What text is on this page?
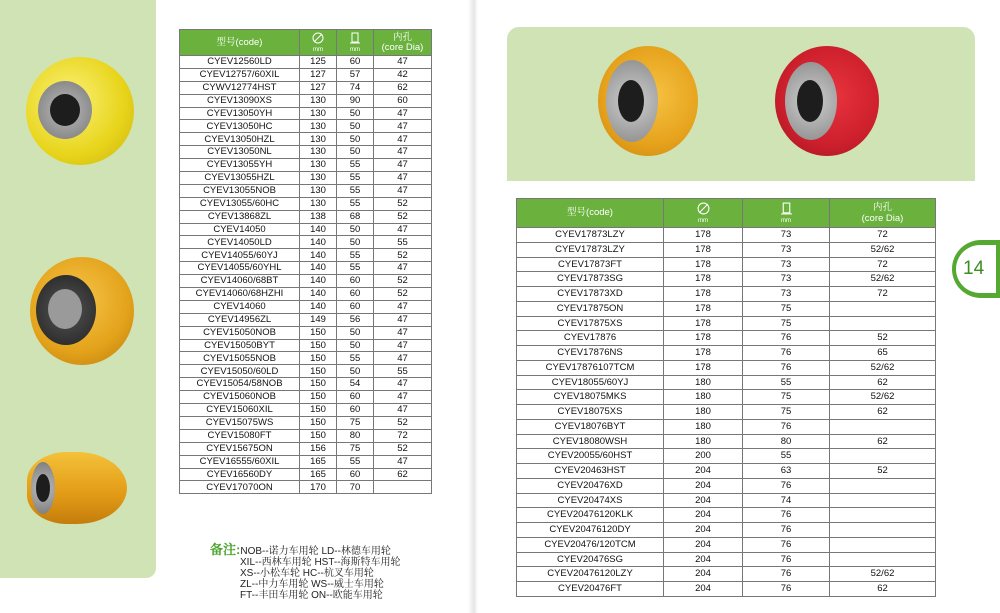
型号(code)	mm	mm	内孔
(core Dia)
CYEV12560LD	125	60	47
CYEV12757/60XIL	127	57	42
CYWV12774HST	127	74	62
CYEV13090XS	130	90	60
CYEV13050YH	130	50	47
CYEV13050HC	130	50	47
CYEV13050HZL	130	50	47
CYEV13050NL	130	50	47
CYEV13055YH	130	55	47
CYEV13055HZL	130	55	47
CYEV13055NOB	130	55	47
CYEV13055/60HC	130	55	52
CYEV13868ZL	138	68	52
CYEV14050	140	50	47
CYEV14050LD	140	50	55
CYEV14055/60YJ	140	55	52
CYEV14055/60YHL	140	55	47
CYEV14060/68BT	140	60	52
CYEV14060/68HZHI	140	60	52
CYEV14060	140	60	47
CYEV14956ZL	149	56	47
CYEV15050NOB	150	50	47
CYEV15050BYT	150	50	47
CYEV15055NOB	150	55	47
CYEV15050/60LD	150	50	55
CYEV15054/58NOB	150	54	47
CYEV15060NOB	150	60	47
CYEV15060XIL	150	60	47
CYEV15075WS	150	75	52
CYEV15080FT	150	80	72
CYEV15675ON	156	75	52
CYEV16555/60XIL	165	55	47
CYEV16560DY	165	60	62
CYEV17070ON	170	70	
型号(code)	mm	mm	内孔
(core Dia)
CYEV17873LZY	178	73	72
CYEV17873LZY	178	73	52/62
CYEV17873FT	178	73	72
CYEV17873SG	178	73	52/62
CYEV17873XD	178	73	72
CYEV17875ON	178	75	
CYEV17875XS	178	75	
CYEV17876	178	76	52
CYEV17876NS	178	76	65
CYEV17876107TCM	178	76	52/62
CYEV18055/60YJ	180	55	62
CYEV18075MKS	180	75	52/62
CYEV18075XS	180	75	62
CYEV18076BYT	180	76	
CYEV18080WSH	180	80	62
CYEV20055/60HST	200	55	
CYEV20463HST	204	63	52
CYEV20476XD	204	76	
CYEV20474XS	204	74	
CYEV20476120KLK	204	76	
CYEV20476120DY	204	76	
CYEV20476/120TCM	204	76	
CYEV20476SG	204	76	
CYEV20476120LZY	204	76	52/62
CYEV20476FT	204	76	62
备注:NOB--诺力车用轮 LD--林德车用轮
XIL--西林车用轮 HST--海斯特车用轮
XS--小松车轮 HC--杭叉车用轮
ZL--中力车用轮 WS--威士车用轮
FT--丰田车用轮 ON--欧能车用轮
14
